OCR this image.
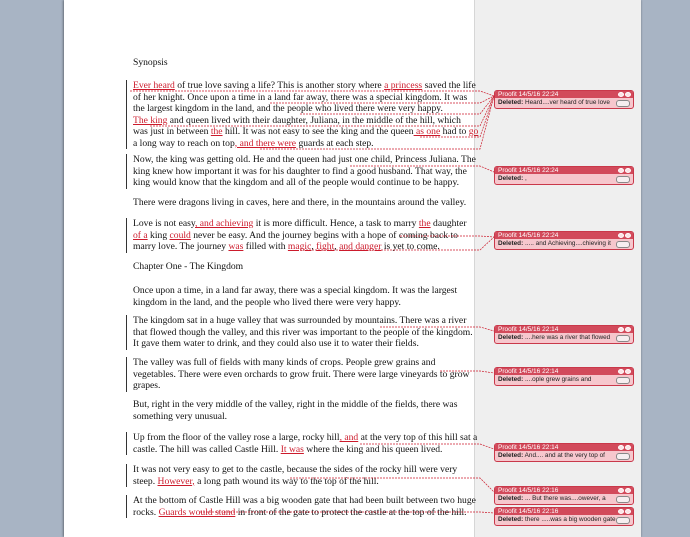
Synopsis
Chapter One - The Kingdom
Ever heard of true love saving a life? This is another story where a princess saved the life
of her knight. Once upon a time in a land far away, there was a special kingdom. It was
the largest kingdom in the land, and the people who lived there were very happy.
The king and queen lived with their daughter, Juliana, in the middle of the hill, which
was just in between the hill. It was not easy to see the king and the queen as one had to go
a long way to reach on top, and there were guards at each step.
Now, the king was getting old. He and the queen had just one child, Princess Juliana. The
king knew how important it was for his daughter to find a good husband. That way, the
king would know that the kingdom and all of the people would continue to be happy.
There were dragons living in caves, here and there, in the mountains around the valley.
Love is not easy, and achieving it is more difficult. Hence, a task to marry the daughter
of a king could never be easy. And the journey begins with a hope of coming back to
marry love. The journey was filled with magic, fight, and danger is yet to come.
Once upon a time, in a land far away, there was a special kingdom. It was the largest
kingdom in the land, and the people who lived there were very happy.
The kingdom sat in a huge valley that was surrounded by mountains. There was a river
that flowed though the valley, and this river was important to the people of the kingdom.
It gave them water to drink, and they could also use it to water their fields.
The valley was full of fields with many kinds of crops. People grew grains and
vegetables. There were even orchards to grow fruit. There were large vineyards to grow
grapes.
But, right in the very middle of the valley, right in the middle of the fields, there was
something very unusual.
Up from the floor of the valley rose a large, rocky hill, and at the very top of this hill sat a
castle. The hill was called Castle Hill. It was where the king and his queen lived.
It was not very easy to get to the castle, because the sides of the rocky hill were very
steep. However, a long path wound its way to the top of the hill.
At the bottom of Castle Hill was a big wooden gate that had been built between two huge
rocks. Guards would stand in front of the gate to protect the castle at the top of the hill.
Proofit 14/5/16 22:24
Deleted: Heard....ver heard of true love
Proofit 14/5/16 22:24
Deleted: ,
Proofit 14/5/16 22:24
Deleted: ..... and Achieving....chieving it
Proofit 14/5/16 22:14
Deleted: ....here was a river that flowed
Proofit 14/5/16 22:14
Deleted: ....ople grew grains and
Proofit 14/5/16 22:14
Deleted: And.... and at the very top of
Proofit 14/5/16 22:16
Deleted: ... But there was....owever, a
Proofit 14/5/16 22:16
Deleted: there .....was a big wooden gate
